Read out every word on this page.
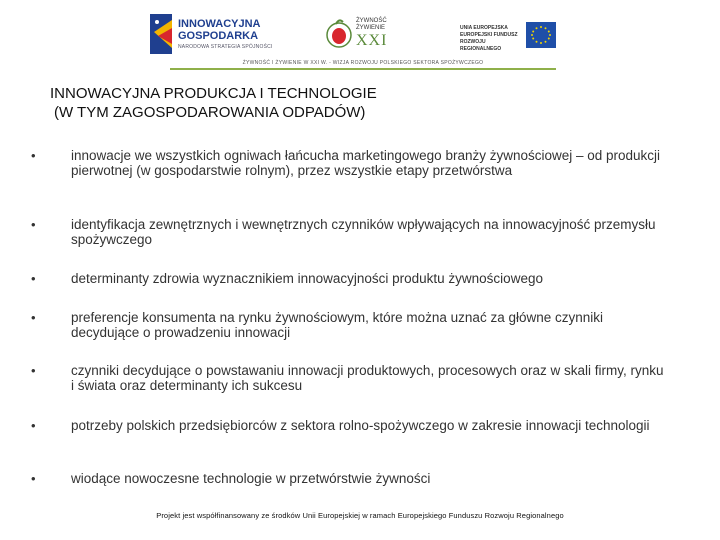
INNOWACYJNA
GOSPODARKA
NARODOWA STRATEGIA SPÓJNOŚCI
ŻYWNOŚĆ
ŻYWIENIE
XXI
UNIA EUROPEJSKA
EUROPEJSKI FUNDUSZ
ROZWOJU REGIONALNEGO
ŻYWNOŚĆ I ŻYWIENIE W XXI W. - WIZJA ROZWOJU POLSKIEGO SEKTORA SPOŻYWCZEGO
INNOWACYJNA PRODUKCJA I TECHNOLOGIE
(W TYM ZAGOSPODAROWANIA ODPADÓW)
•	innowacje we wszystkich ogniwach łańcucha marketingowego branży żywnościowej – od produkcji pierwotnej (w gospodarstwie rolnym), przez wszystkie etapy przetwórstwa
•	identyfikacja zewnętrznych i wewnętrznych czynników wpływających na innowacyjność przemysłu spożywczego
•	determinanty zdrowia wyznacznikiem innowacyjności produktu żywnościowego
•	preferencje konsumenta na rynku żywnościowym, które można uznać za główne czynniki decydujące o prowadzeniu innowacji
•	czynniki decydujące o powstawaniu innowacji produktowych, procesowych oraz w skali firmy, rynku i świata oraz determinanty ich sukcesu
•	potrzeby polskich przedsiębiorców z sektora rolno-spożywczego w zakresie innowacji technologii
•	wiodące nowoczesne technologie w przetwórstwie żywności
Projekt jest współfinansowany ze środków Unii Europejskiej w ramach Europejskiego Funduszu Rozwoju Regionalnego
